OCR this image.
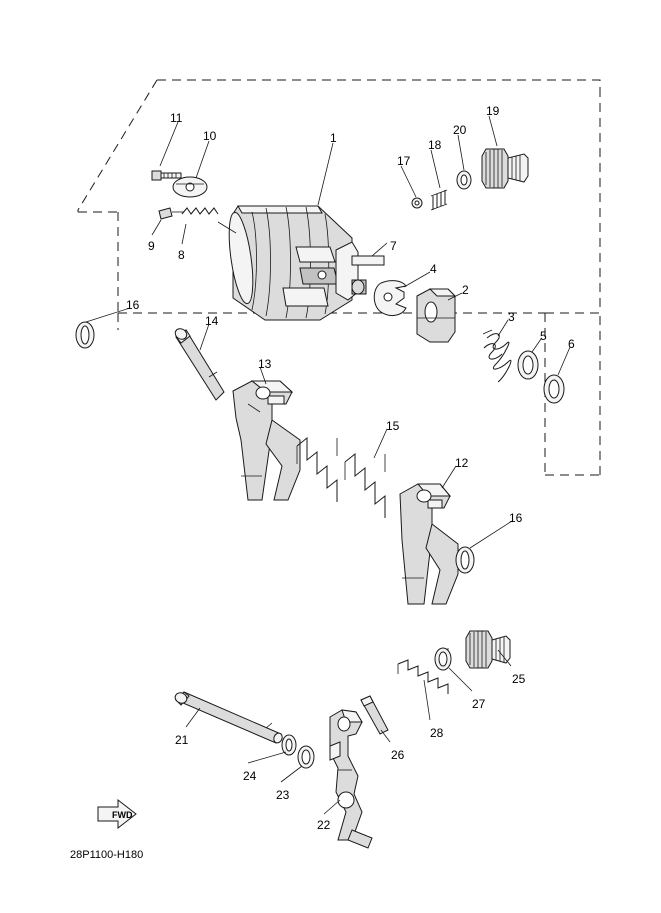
11
10	1
19
20
18
17
9
8
7
4
2
3
5
6
16
14
13
15
12
16
25
27
28
26
21
24
23
22
FWD
28P1100-H180
